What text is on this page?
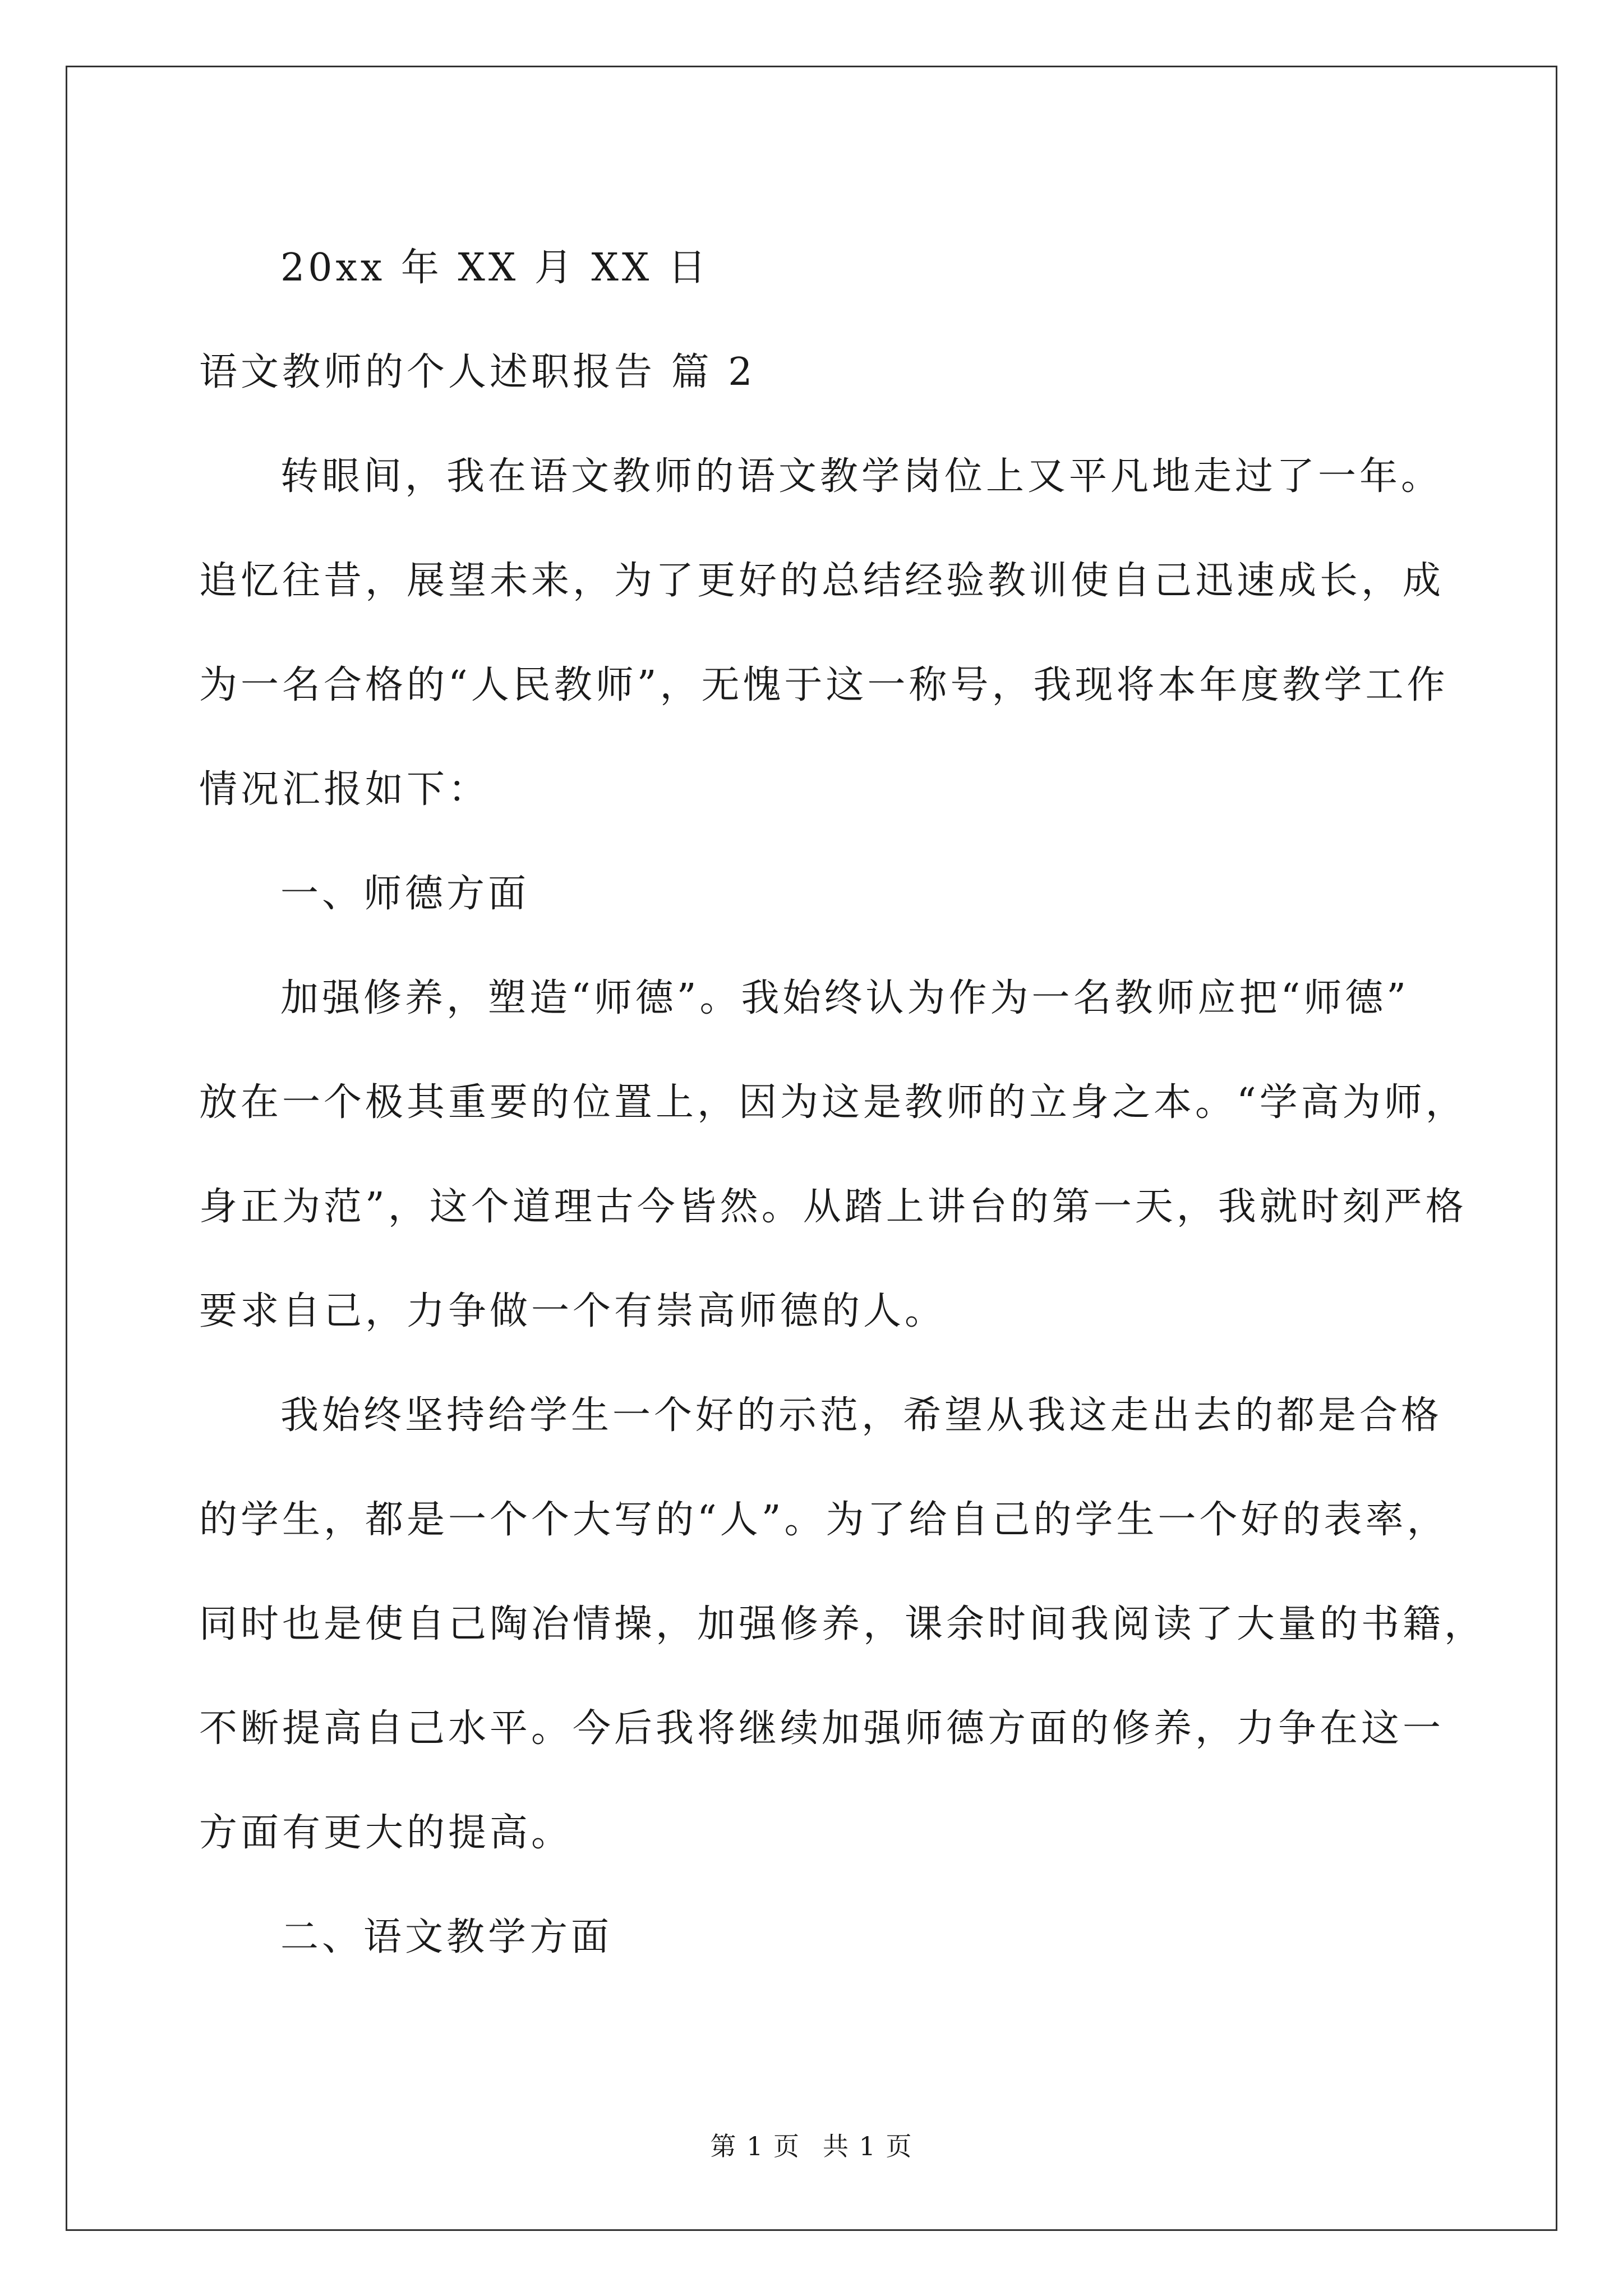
20xx 年 XX 月 XX 日
语文教师的个人述职报告 篇 2
转眼间，我在语文教师的语文教学岗位上又平凡地走过了一年。
追忆往昔，展望未来，为了更好的总结经验教训使自己迅速成长，成
为一名合格的“人民教师”，无愧于这一称号，我现将本年度教学工作
情况汇报如下：
一、师德方面
加强修养，塑造“师德”。我始终认为作为一名教师应把“师德”
放在一个极其重要的位置上，因为这是教师的立身之本。“学高为师，
身正为范”，这个道理古今皆然。从踏上讲台的第一天，我就时刻严格
要求自己，力争做一个有崇高师德的人。
我始终坚持给学生一个好的示范，希望从我这走出去的都是合格
的学生，都是一个个大写的“人”。为了给自己的学生一个好的表率，
同时也是使自己陶冶情操，加强修养，课余时间我阅读了大量的书籍，
不断提高自己水平。今后我将继续加强师德方面的修养，力争在这一
方面有更大的提高。
二、语文教学方面
第 1 页 共 1 页
